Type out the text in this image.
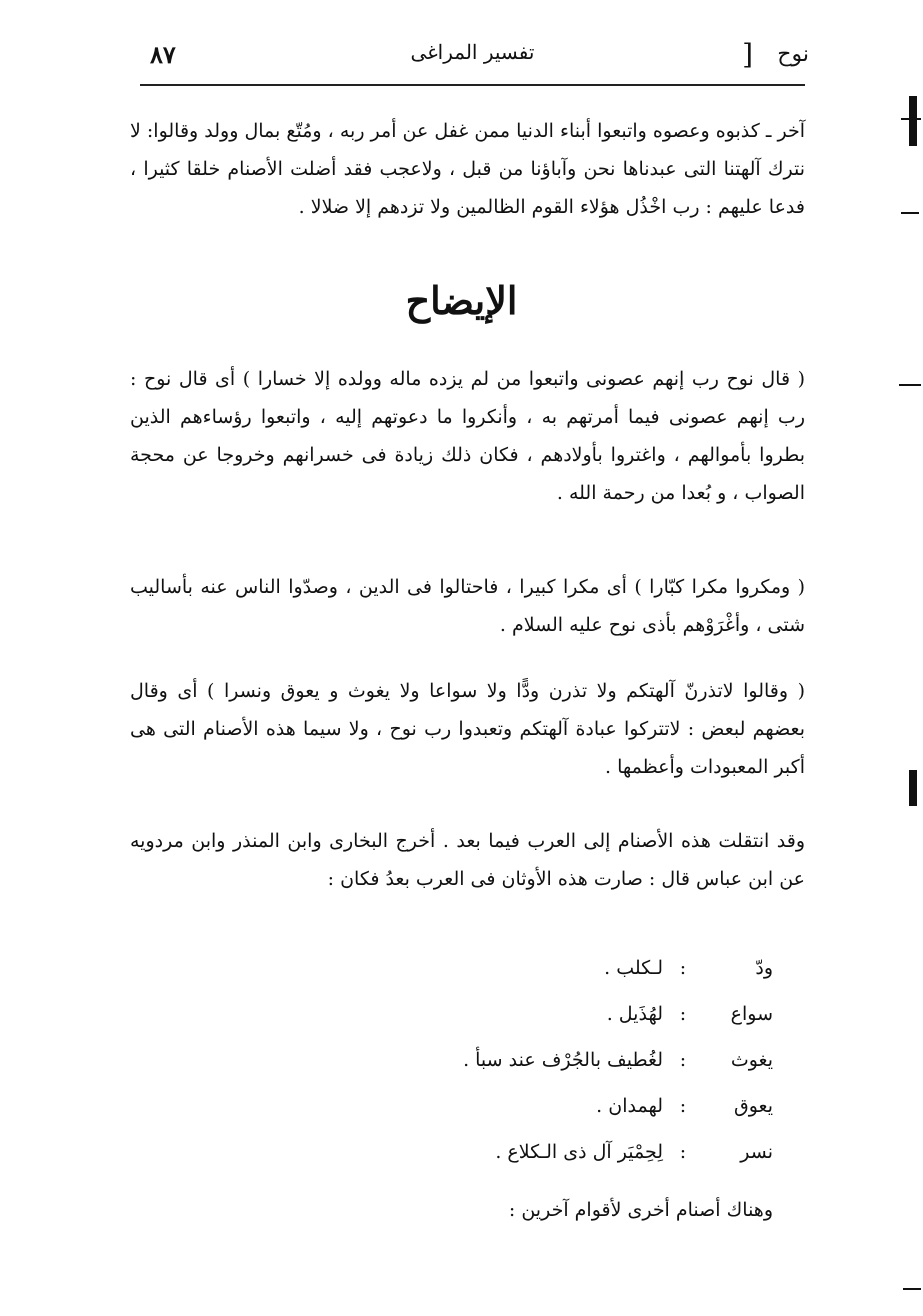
٨٧	تفسير المراغى	] نوح

آخر ـ كذبوه وعصوه واتبعوا أبناء الدنيا ممن غفل عن أمر ربه ، ومُتّع بمال وولد وقالوا: لا نترك آلهتنا التى عبدناها نحن وآباؤنا من قبل ، ولاعجب فقد أضلت الأصنام خلقا كثيرا ، فدعا عليهم : رب اخْذُل هؤلاء القوم الظالمين ولا تزدهم إلا ضلالا .

الإيضاح

( قال نوح رب إنهم عصونى واتبعوا من لم يزده ماله وولده إلا خسارا ) أى قال نوح : رب إنهم عصونى فيما أمرتهم به ، وأنكروا ما دعوتهم إليه ، واتبعوا رؤساءهم الذين بطروا بأموالهم ، واغتروا بأولادهم ، فكان ذلك زيادة فى خسرانهم وخروجا عن محجة الصواب ، و بُعدا من رحمة الله .

( ومكروا مكرا كبّارا ) أى مكرا كبيرا ، فاحتالوا فى الدين ، وصدّوا الناس عنه بأساليب شتى ، وأغْرَوْهم بأذى نوح عليه السلام .

( وقالوا لاتذرنّ آلهتكم ولا تذرن ودًّا ولا سواعا ولا يغوث و يعوق ونسرا ) أى وقال بعضهم لبعض : لاتتركوا عبادة آلهتكم وتعبدوا رب نوح ، ولا سيما هذه الأصنام التى هى أكبر المعبودات وأعظمها .

وقد انتقلت هذه الأصنام إلى العرب فيما بعد . أخرج البخارى وابن المنذر وابن مردويه عن ابن عباس قال : صارت هذه الأوثان فى العرب بعدُ فكان :

ودّ
:
لـكلب .
سواع
:
لهُذَيل .
يغوث
:
لغُطيف بالجُرْف عند سبأ .
يعوق
:
لهمدان .
نسر
:
لِحِمْيَر آل ذى الـكلاع .
وهناك أصنام أخرى لأقوام آخرين :
